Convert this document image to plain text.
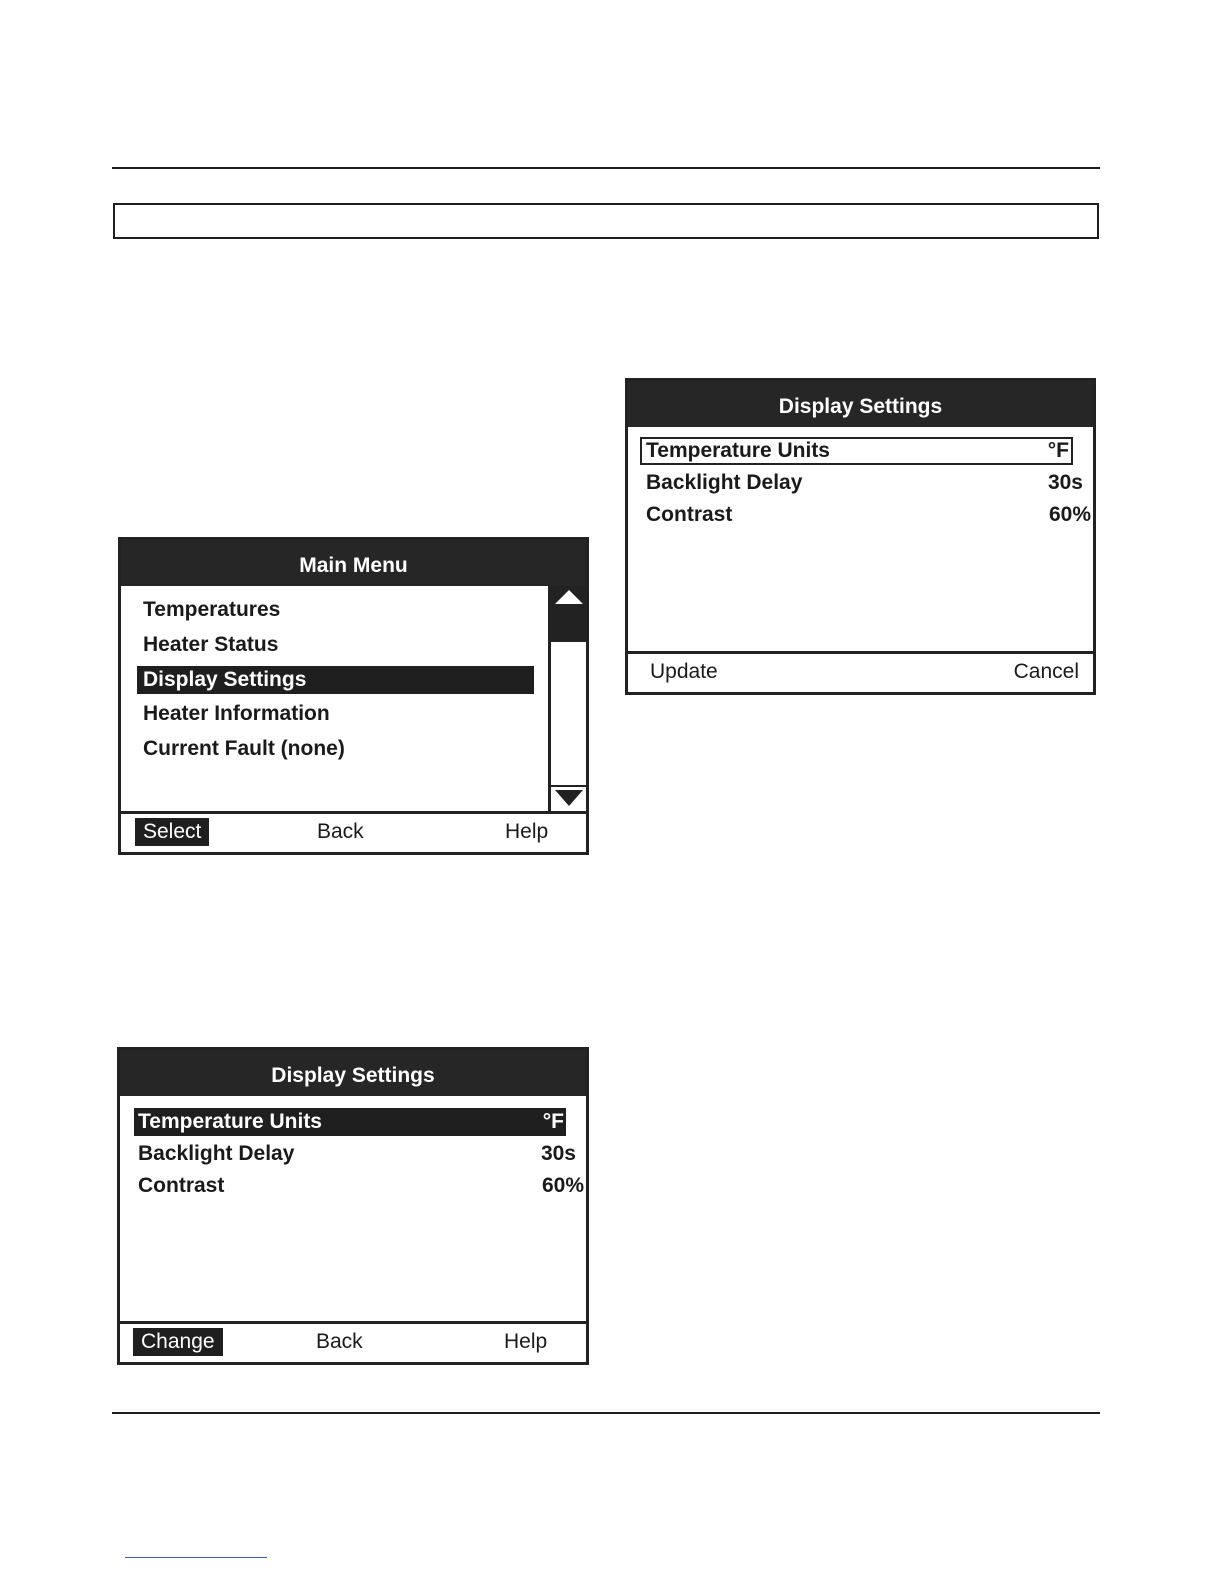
Main Menu
Temperatures
Heater Status
Display Settings
Heater Information
Current Fault (none)
Select	Back	Help
Display Settings
Temperature Units	°F
Backlight Delay	30s
Contrast	60%
Update	Cancel
Display Settings
Temperature Units	°F
Backlight Delay	30s
Contrast	60%
Change	Back	Help
